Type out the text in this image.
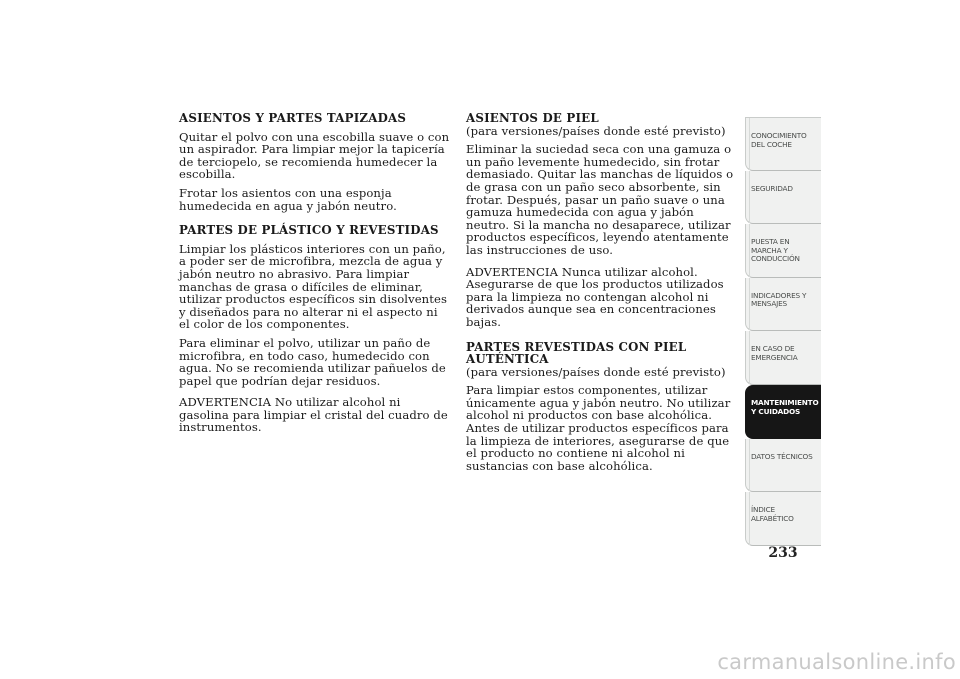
ASIENTOS Y PARTES TAPIZADAS

Quitar el polvo con una escobilla suave o con un aspirador. Para limpiar mejor la tapicería de terciopelo, se recomienda humedecer la escobilla.

Frotar los asientos con una esponja humedecida en agua y jabón neutro.

PARTES DE PLÁSTICO Y REVESTIDAS

Limpiar los plásticos interiores con un paño, a poder ser de microfibra, mezcla de agua y jabón neutro no abrasivo. Para limpiar manchas de grasa o difíciles de eliminar, utilizar productos específicos sin disolventes y diseñados para no alterar ni el aspecto ni el color de los componentes.

Para eliminar el polvo, utilizar un paño de microfibra, en todo caso, humedecido con agua. No se recomienda utilizar pañuelos de papel que podrían dejar residuos.

ADVERTENCIA No utilizar alcohol ni gasolina para limpiar el cristal del cuadro de instrumentos.

ASIENTOS DE PIEL

(para versiones/países donde esté previsto)

Eliminar la suciedad seca con una gamuza o un paño levemente humedecido, sin frotar demasiado. Quitar las manchas de líquidos o de grasa con un paño seco absorbente, sin frotar. Después, pasar un paño suave o una gamuza humedecida con agua y jabón neutro. Si la mancha no desaparece, utilizar productos específicos, leyendo atentamente las instrucciones de uso.

ADVERTENCIA Nunca utilizar alcohol. Asegurarse de que los productos utilizados para la limpieza no contengan alcohol ni derivados aunque sea en concentraciones bajas.

PARTES REVESTIDAS CON PIEL AUTÉNTICA

(para versiones/países donde esté previsto)

Para limpiar estos componentes, utilizar únicamente agua y jabón neutro. No utilizar alcohol ni productos con base alcohólica. Antes de utilizar productos específicos para la limpieza de interiores, asegurarse de que el producto no contiene ni alcohol ni sustancias con base alcohólica.

CONOCIMIENTO
DEL COCHE
SEGURIDAD
PUESTA EN
MARCHA Y
CONDUCCIÓN
INDICADORES Y
MENSAJES
EN CASO DE
EMERGENCIA
MANTENIMIENTO
Y CUIDADOS
DATOS TÉCNICOS
ÍNDICE
ALFABÉTICO
233
carmanualsonline.info
